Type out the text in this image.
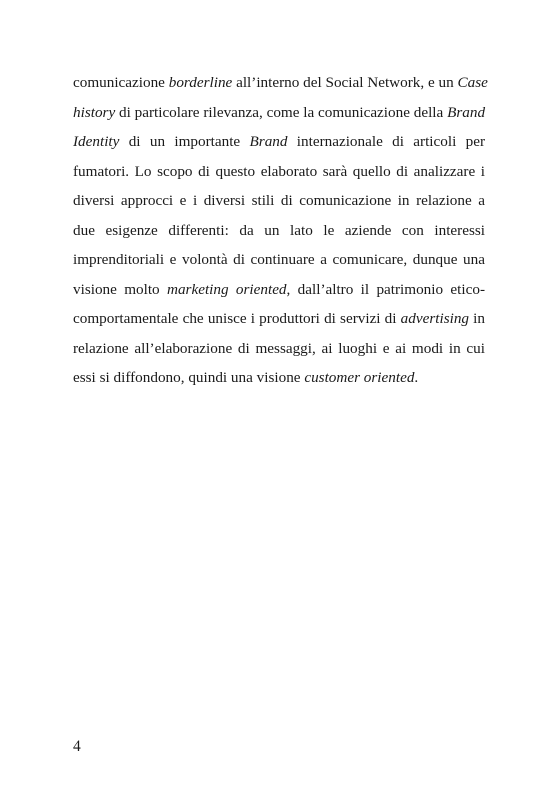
comunicazione borderline all’interno del Social Network, e un Case
history di particolare rilevanza, come la comunicazione della Brand
Identity di un importante Brand internazionale di articoli per
fumatori. Lo scopo di questo elaborato sarà quello di analizzare i
diversi approcci e i diversi stili di comunicazione in relazione a
due esigenze differenti: da un lato le aziende con interessi
imprenditoriali e volontà di continuare a comunicare, dunque una
visione molto marketing oriented, dall’altro il patrimonio etico-
comportamentale che unisce i produttori di servizi di advertising in
relazione all’elaborazione di messaggi, ai luoghi e ai modi in cui
essi si diffondono, quindi una visione customer oriented.
4
